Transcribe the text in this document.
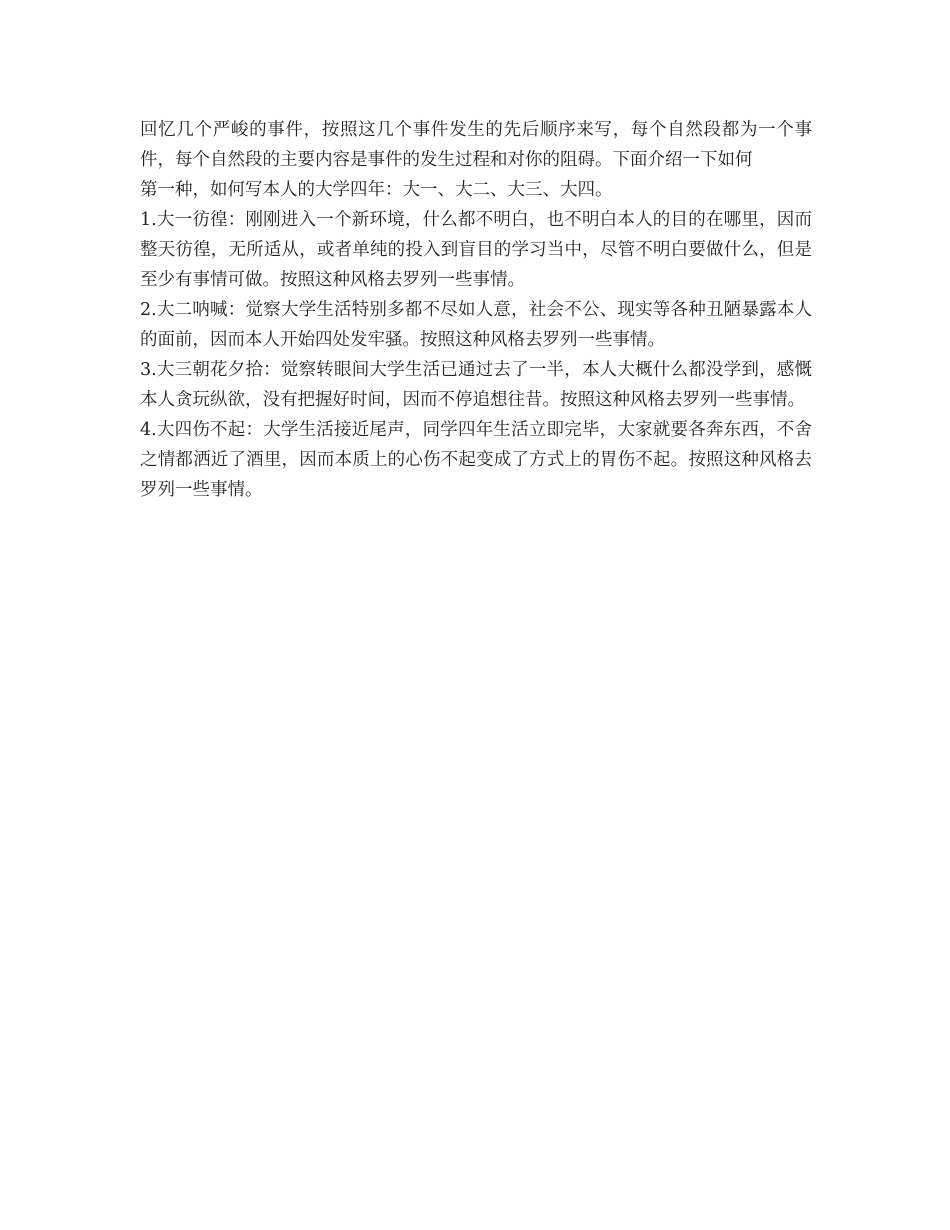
回忆几个严峻的事件，按照这几个事件发生的先后顺序来写，每个自然段都为一个事件，每个自然段的主要内容是事件的发生过程和对你的阻碍。下面介绍一下如何

第一种，如何写本人的大学四年：大一、大二、大三、大四。

1.大一彷徨：刚刚进入一个新环境，什么都不明白，也不明白本人的目的在哪里，因而整天彷徨，无所适从，或者单纯的投入到盲目的学习当中，尽管不明白要做什么，但是至少有事情可做。按照这种风格去罗列一些事情。

2.大二呐喊：觉察大学生活特别多都不尽如人意，社会不公、现实等各种丑陋暴露本人的面前，因而本人开始四处发牢骚。按照这种风格去罗列一些事情。

3.大三朝花夕拾：觉察转眼间大学生活已通过去了一半，本人大概什么都没学到，感慨本人贪玩纵欲，没有把握好时间，因而不停追想往昔。按照这种风格去罗列一些事情。

4.大四伤不起：大学生活接近尾声，同学四年生活立即完毕，大家就要各奔东西，不舍之情都洒近了酒里，因而本质上的心伤不起变成了方式上的胃伤不起。按照这种风格去罗列一些事情。
